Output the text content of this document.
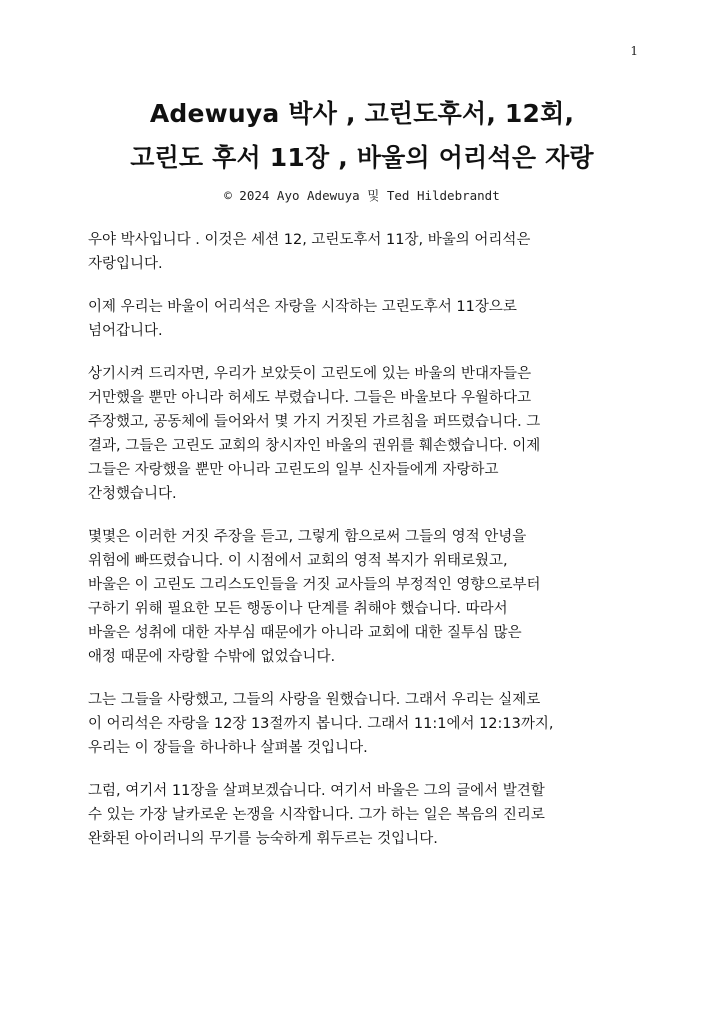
1
Adewuya 박사 , 고린도후서, 12회,
고린도 후서 11장 , 바울의 어리석은 자랑
© 2024 Ayo Adewuya 및 Ted Hildebrandt

우야 박사입니다 . 이것은 세션 12, 고린도후서 11장, 바울의 어리석은
자랑입니다.

이제 우리는 바울이 어리석은 자랑을 시작하는 고린도후서 11장으로
넘어갑니다.

상기시켜 드리자면, 우리가 보았듯이 고린도에 있는 바울의 반대자들은
거만했을 뿐만 아니라 허세도 부렸습니다. 그들은 바울보다 우월하다고
주장했고, 공동체에 들어와서 몇 가지 거짓된 가르침을 퍼뜨렸습니다. 그
결과, 그들은 고린도 교회의 창시자인 바울의 권위를 훼손했습니다. 이제
그들은 자랑했을 뿐만 아니라 고린도의 일부 신자들에게 자랑하고
간청했습니다.

몇몇은 이러한 거짓 주장을 듣고, 그렇게 함으로써 그들의 영적 안녕을
위험에 빠뜨렸습니다. 이 시점에서 교회의 영적 복지가 위태로웠고,
바울은 이 고린도 그리스도인들을 거짓 교사들의 부정적인 영향으로부터
구하기 위해 필요한 모든 행동이나 단계를 취해야 했습니다. 따라서
바울은 성취에 대한 자부심 때문에가 아니라 교회에 대한 질투심 많은
애정 때문에 자랑할 수밖에 없었습니다.

그는 그들을 사랑했고, 그들의 사랑을 원했습니다. 그래서 우리는 실제로
이 어리석은 자랑을 12장 13절까지 봅니다. 그래서 11:1에서 12:13까지,
우리는 이 장들을 하나하나 살펴볼 것입니다.

그럼, 여기서 11장을 살펴보겠습니다. 여기서 바울은 그의 글에서 발견할
수 있는 가장 날카로운 논쟁을 시작합니다. 그가 하는 일은 복음의 진리로
완화된 아이러니의 무기를 능숙하게 휘두르는 것입니다.
